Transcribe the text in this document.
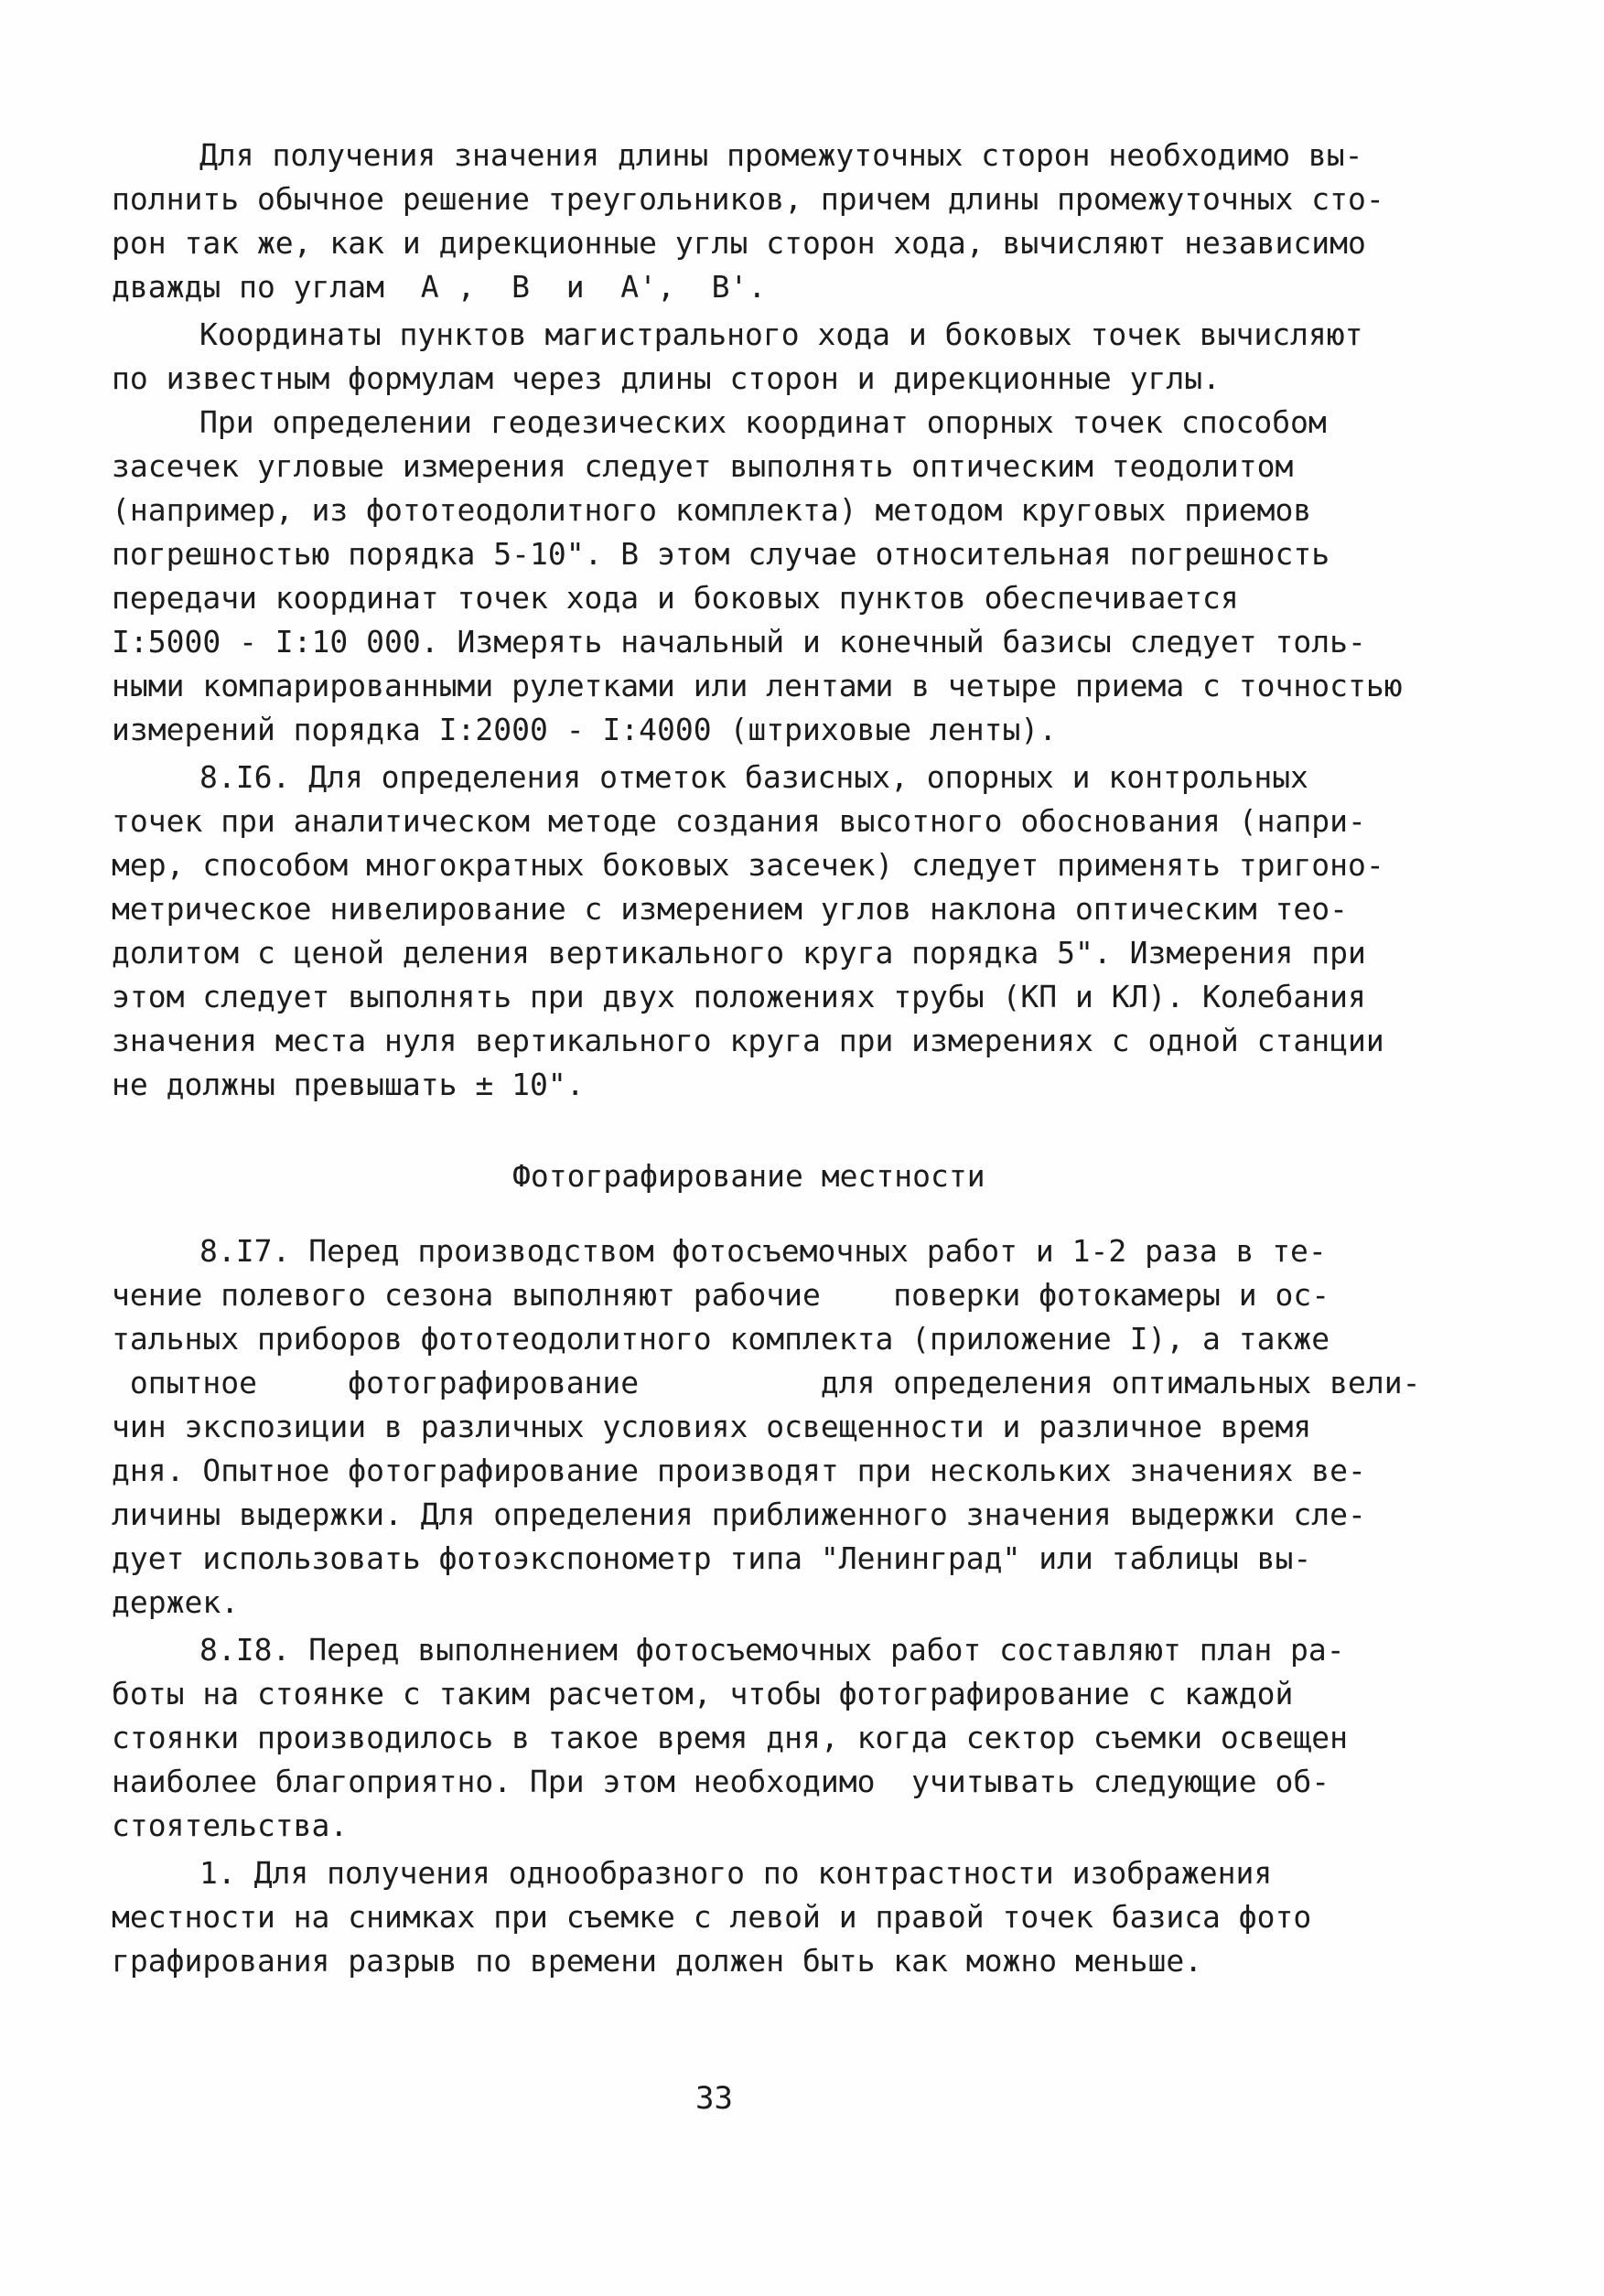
Для получения значения длины промежуточных сторон необходимо вы-
полнить обычное решение треугольников, причем длины промежуточных сто-
рон так же, как и дирекционные углы сторон хода, вычисляют независимо
дважды по углам  A ,  B  и  A',  B'.
Координаты пунктов магистрального хода и боковых точек вычисляют
по известным формулам через длины сторон и дирекционные углы.
При определении геодезических координат опорных точек способом
засечек угловые измерения следует выполнять оптическим теодолитом
(например, из фототеодолитного комплекта) методом круговых приемов
погрешностью порядка 5-10". В этом случае относительная погрешность
передачи координат точек хода и боковых пунктов обеспечивается
I:5000 - I:10 000. Измерять начальный и конечный базисы следует толь-
ными компарированными рулетками или лентами в четыре приема с точностью
измерений порядка I:2000 - I:4000 (штриховые ленты).
8.I6. Для определения отметок базисных, опорных и контрольных
точек при аналитическом методе создания высотного обоснования (напри-
мер, способом многократных боковых засечек) следует применять тригоно-
метрическое нивелирование с измерением углов наклона оптическим тео-
долитом с ценой деления вертикального круга порядка 5". Измерения при
этом следует выполнять при двух положениях трубы (КП и КЛ). Колебания
значения места нуля вертикального круга при измерениях с одной станции
не должны превышать ± 10".
Фотографирование местности
8.I7. Перед производством фотосъемочных работ и 1-2 раза в те-
чение полевого сезона выполняют рабочие    поверки фотокамеры и ос-
тальных приборов фототеодолитного комплекта (приложение I), а также
опытное     фотографирование          для определения оптимальных вели-
чин экспозиции в различных условиях освещенности и различное время
дня. Опытное фотографирование производят при нескольких значениях ве-
личины выдержки. Для определения приближенного значения выдержки сле-
дует использовать фотоэкспонометр типа "Ленинград" или таблицы вы-
держек.
8.I8. Перед выполнением фотосъемочных работ составляют план ра-
боты на стоянке с таким расчетом, чтобы фотографирование с каждой
стоянки производилось в такое время дня, когда сектор съемки освещен
наиболее благоприятно. При этом необходимо  учитывать следующие об-
стоятельства.
1. Для получения однообразного по контрастности изображения
местности на снимках при съемке с левой и правой точек базиса фото
графирования разрыв по времени должен быть как можно меньше.
33
